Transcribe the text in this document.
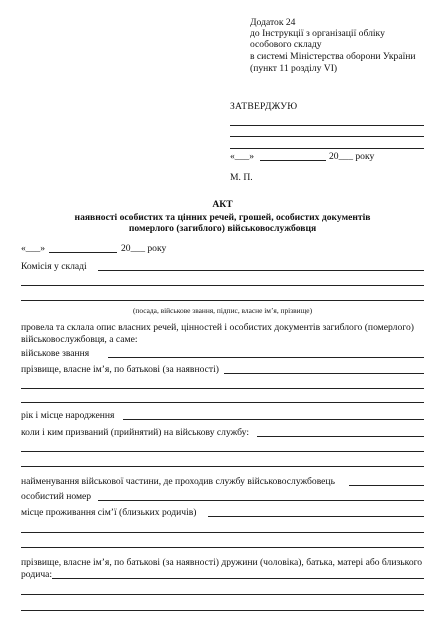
Додаток 24
до Інструкції з організації обліку
особового складу
в системі Міністерства оборони України
(пункт 11 розділу VI)
ЗАТВЕРДЖУЮ
«___»	20___ року
М. П.
АКТ
наявності особистих та цінних речей, грошей, особистих документів
померлого (загиблого) військовослужбовця
«___»	20___ року
Комісія у складі
(посада, військове звання, підпис, власне ім’я, прізвище)
провела та склала опис власних речей, цінностей і особистих документів загиблого (померлого)
військовослужбовця, а саме:
військове звання
прізвище, власне ім’я, по батькові (за наявності)
рік і місце народження
коли і ким призваний (прийнятий) на військову службу:
найменування військової частини, де проходив службу військовослужбовець
особистий номер
місце проживання сім’ї (близьких родичів)
прізвище, власне ім’я, по батькові (за наявності) дружини (чоловіка), батька, матері або близького
родича:
